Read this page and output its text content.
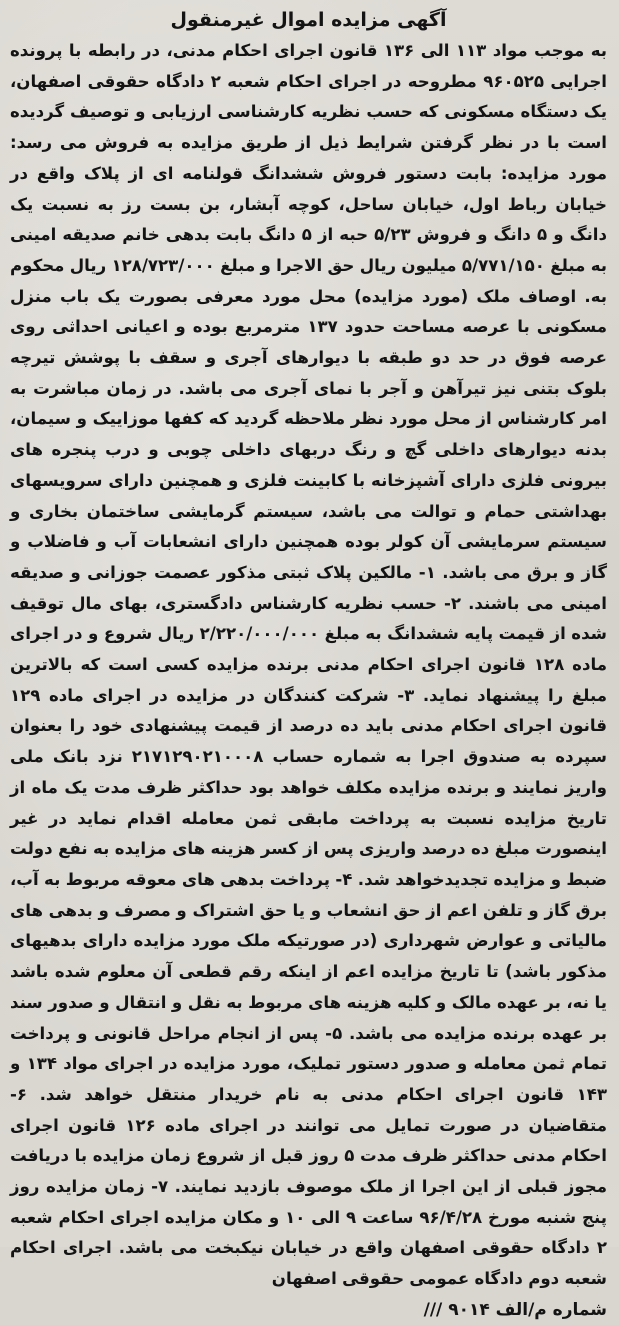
آگهی مزایده اموال غیرمنقول

به موجب مواد ۱۱۳ الی ۱۳۶ قانون اجرای احکام مدنی، در رابطه با پرونده اجرایی ۹۶۰۵۲۵ مطروحه در اجرای احکام شعبه ۲ دادگاه حقوقی اصفهان، یک دستگاه مسکونی که حسب نظریه کارشناسی ارزیابی و توصیف گردیده است با در نظر گرفتن شرایط ذیل از طریق مزایده به فروش می رسد: مورد مزایده: بابت دستور فروش ششدانگ قولنامه ای از پلاک واقع در خیابان رباط اول، خیابان ساحل، کوچه آبشار، بن بست رز به نسبت یک دانگ و ۵ دانگ و فروش ۵/۲۳ حبه از ۵ دانگ بابت بدهی خانم صدیقه امینی به مبلغ ۵/۷۷۱/۱۵۰ میلیون ریال حق الاجرا و مبلغ ۱۲۸/۷۲۳/۰۰۰ ریال محکوم به. اوصاف ملک (مورد مزایده) محل مورد معرفی بصورت یک باب منزل مسکونی با عرصه مساحت حدود ۱۳۷ مترمربع بوده و اعیانی احداثی روی عرصه فوق در حد دو طبقه با دیوارهای آجری و سقف با پوشش تیرچه بلوک بتنی نیز تیرآهن و آجر با نمای آجری می باشد. در زمان مباشرت به امر کارشناس از محل مورد نظر ملاحظه گردید که کفها موزاییک و سیمان، بدنه دیوارهای داخلی گچ و رنگ دربهای داخلی چوبی و درب پنجره های بیرونی فلزی دارای آشپزخانه با کابینت فلزی و همچنین دارای سرویسهای بهداشتی حمام و توالت می باشد، سیستم گرمایشی ساختمان بخاری و سیستم سرمایشی آن کولر بوده همچنین دارای انشعابات آب و فاضلاب و گاز و برق می باشد. ۱- مالکین پلاک ثبتی مذکور عصمت جوزانی و صدیقه امینی می باشند. ۲- حسب نظریه کارشناس دادگستری، بهای مال توقیف شده از قیمت پایه ششدانگ به مبلغ ۲/۲۲۰/۰۰۰/۰۰۰ ریال شروع و در اجرای ماده ۱۲۸ قانون اجرای احکام مدنی برنده مزایده کسی است که بالاترین مبلغ را پیشنهاد نماید. ۳- شرکت کنندگان در مزایده در اجرای ماده ۱۲۹ قانون اجرای احکام مدنی باید ده درصد از قیمت پیشنهادی خود را بعنوان سپرده به صندوق اجرا به شماره حساب ۲۱۷۱۲۹۰۲۱۰۰۰۸ نزد بانک ملی واریز نمایند و برنده مزایده مکلف خواهد بود حداکثر ظرف مدت یک ماه از تاریخ مزایده نسبت به پرداخت مابقی ثمن معامله اقدام نماید در غیر اینصورت مبلغ ده درصد واریزی پس از کسر هزینه های مزایده به نفع دولت ضبط و مزایده تجدیدخواهد شد. ۴- پرداخت بدهی های معوقه مربوط به آب، برق گاز و تلفن اعم از حق انشعاب و یا حق اشتراک و مصرف و بدهی های مالیاتی و عوارض شهرداری (در صورتیکه ملک مورد مزایده دارای بدهیهای مذکور باشد) تا تاریخ مزایده اعم از اینکه رقم قطعی آن معلوم شده باشد یا نه، بر عهده مالک و کلیه هزینه های مربوط به نقل و انتقال و صدور سند بر عهده برنده مزایده می باشد. ۵- پس از انجام مراحل قانونی و پرداخت تمام ثمن معامله و صدور دستور تملیک، مورد مزایده در اجرای مواد ۱۳۴ و ۱۴۳ قانون اجرای احکام مدنی به نام خریدار منتقل خواهد شد. ۶- متقاضیان در صورت تمایل می توانند در اجرای ماده ۱۲۶ قانون اجرای احکام مدنی حداکثر ظرف مدت ۵ روز قبل از شروع زمان مزایده با دریافت مجوز قبلی از این اجرا از ملک موصوف بازدید نمایند. ۷- زمان مزایده روز پنج شنبه مورخ ۹۶/۴/۲۸ ساعت ۹ الی ۱۰ و مکان مزایده اجرای احکام شعبه ۲ دادگاه حقوقی اصفهان واقع در خیابان نیکبخت می باشد. اجرای احکام شعبه دوم دادگاه عمومی حقوقی اصفهان

شماره م/الف ۹۰۱۴ ///
